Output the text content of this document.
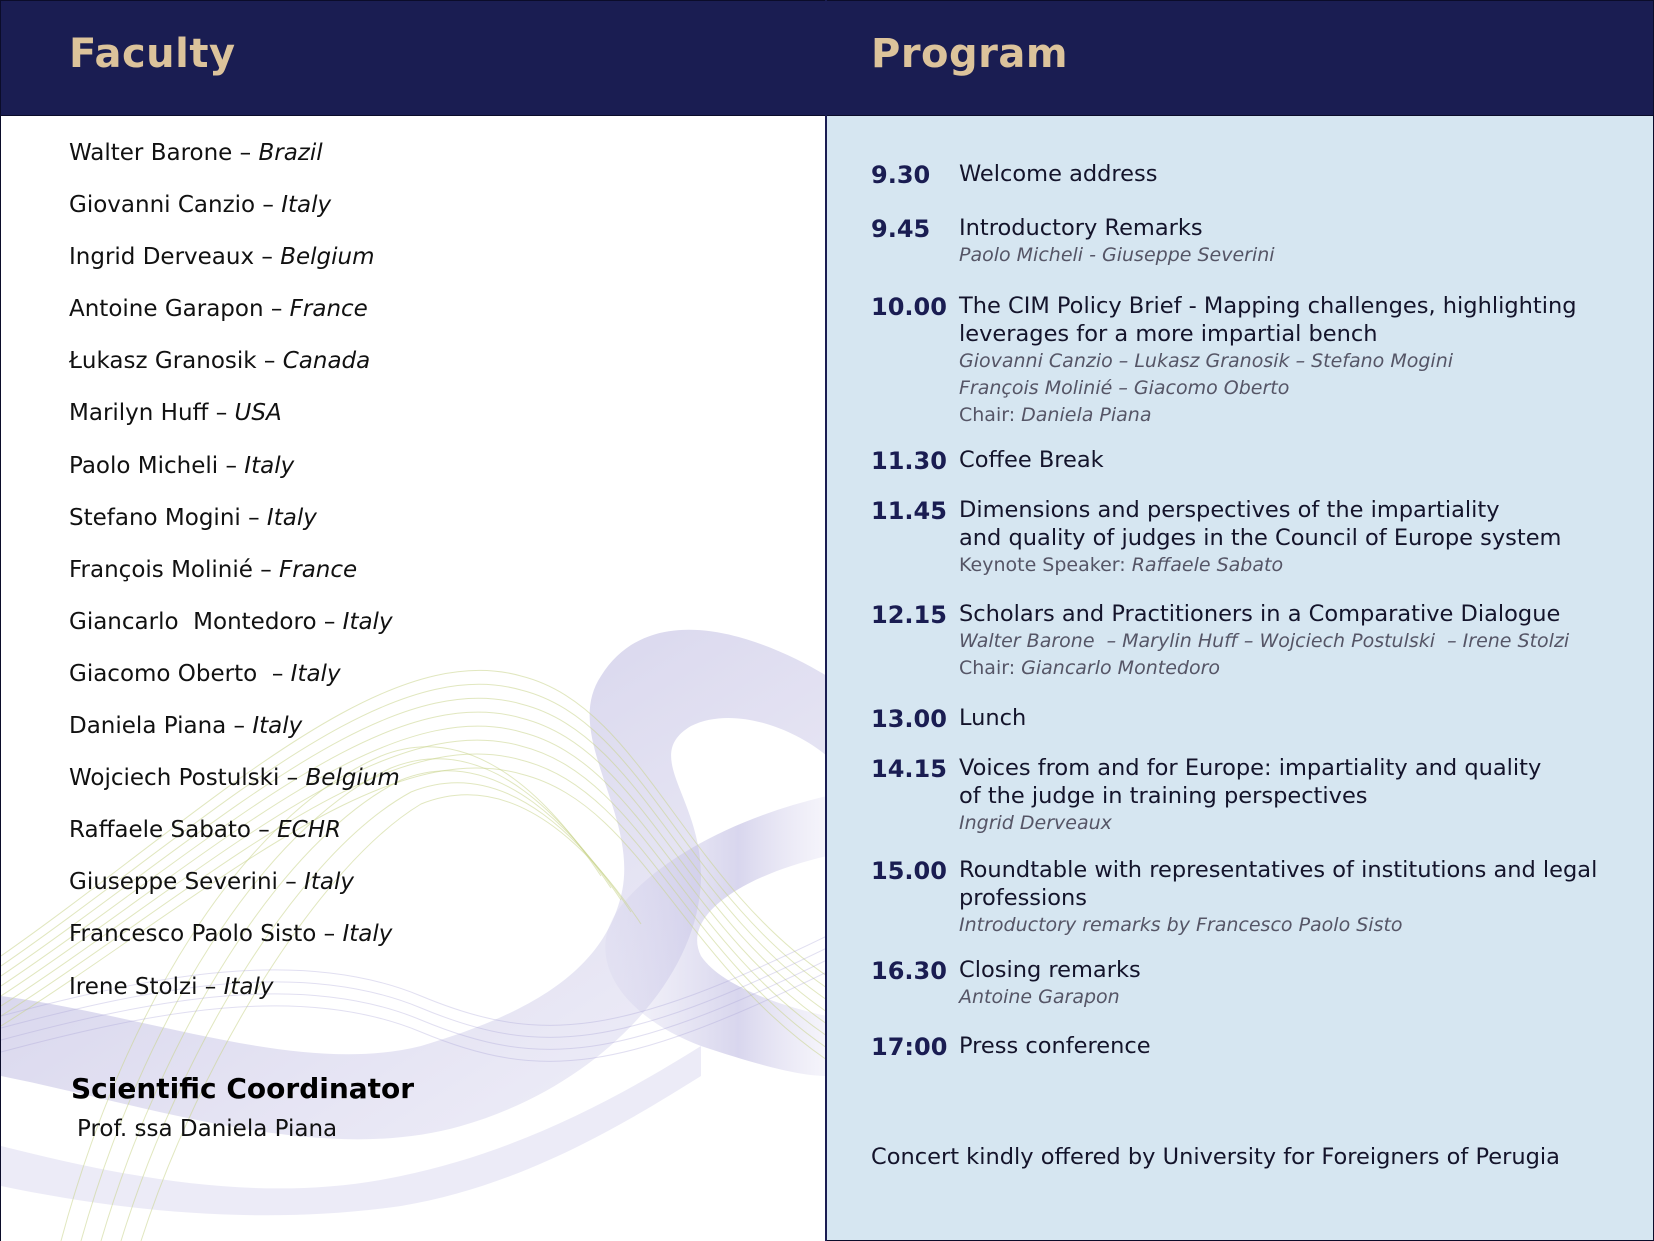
Faculty	Program
Walter Barone – Brazil
Giovanni Canzio – Italy
Ingrid Derveaux – Belgium
Antoine Garapon – France
Łukasz Granosik – Canada
Marilyn Huff – USA
Paolo Micheli – Italy
Stefano Mogini – Italy
François Molinié – France
Giancarlo  Montedoro – Italy
Giacomo Oberto  – Italy
Daniela Piana – Italy
Wojciech Postulski – Belgium
Raffaele Sabato – ECHR
Giuseppe Severini – Italy
Francesco Paolo Sisto – Italy
Irene Stolzi – Italy
Scientific Coordinator
Prof. ssa Daniela Piana
9.30	Welcome address
9.45	Introductory Remarks
Paolo Micheli - Giuseppe Severini
10.00 The CIM Policy Brief - Mapping challenges, highlighting
leverages for a more impartial bench
Giovanni Canzio – Lukasz Granosik – Stefano Mogini
François Molinié – Giacomo Oberto
Chair: Daniela Piana
11.30 Coffee Break
11.45 Dimensions and perspectives of the impartiality
and quality of judges in the Council of Europe system
Keynote Speaker: Raffaele Sabato
12.15 Scholars and Practitioners in a Comparative Dialogue
Walter Barone  – Marylin Huff – Wojciech Postulski  – Irene Stolzi
Chair: Giancarlo Montedoro
13.00 Lunch
14.15 Voices from and for Europe: impartiality and quality
of the judge in training perspectives
Ingrid Derveaux
15.00 Roundtable with representatives of institutions and legal
professions
Introductory remarks by Francesco Paolo Sisto
16.30 Closing remarks
Antoine Garapon
17:00 Press conference
Concert kindly offered by University for Foreigners of Perugia
